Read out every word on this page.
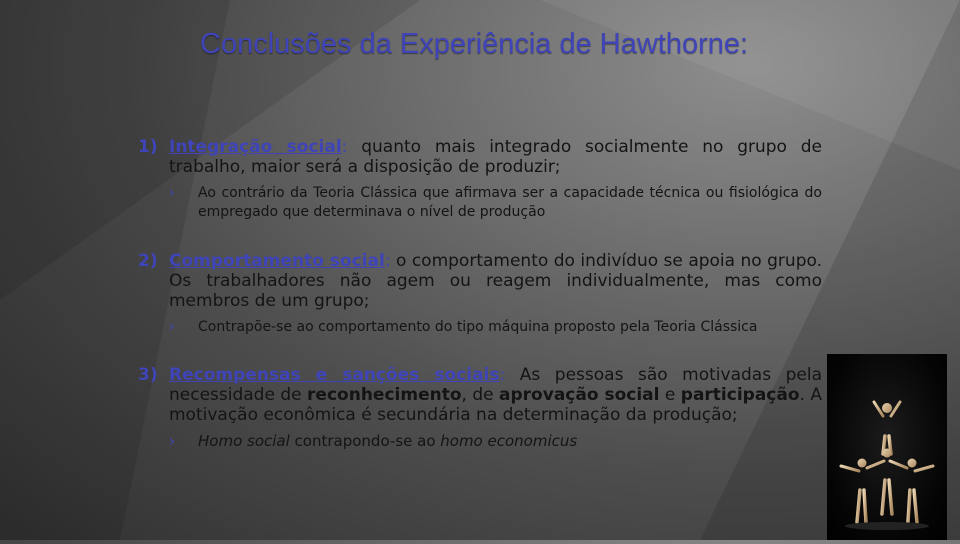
Conclusões da Experiência de Hawthorne:
1) Integração social: quanto mais integrado socialmente no grupo de trabalho, maior será a disposição de produzir;
› Ao contrário da Teoria Clássica que afirmava ser a capacidade técnica ou fisiológica do empregado que determinava o nível de produção
2) Comportamento social: o comportamento do indivíduo se apoia no grupo. Os trabalhadores não agem ou reagem individualmente, mas como membros de um grupo;
› Contrapõe-se ao comportamento do tipo máquina proposto pela Teoria Clássica
3) Recompensas e sanções sociais: As pessoas são motivadas pela necessidade de reconhecimento, de aprovação social e participação. A motivação econômica é secundária na determinação da produção;
› Homo social contrapondo-se ao homo economicus
